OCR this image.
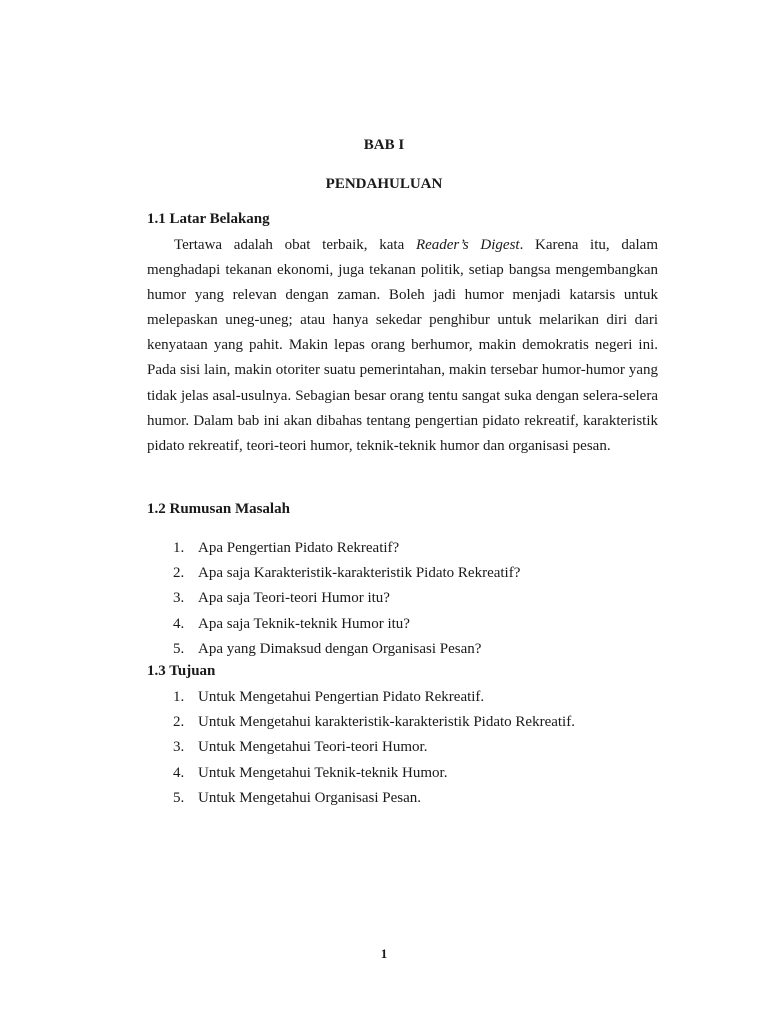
BAB I
PENDAHULUAN
1.1 Latar Belakang

Tertawa adalah obat terbaik, kata Reader’s Digest. Karena itu, dalam menghadapi tekanan ekonomi, juga tekanan politik, setiap bangsa mengembangkan humor yang relevan dengan zaman. Boleh jadi humor menjadi katarsis untuk melepaskan uneg-uneg; atau hanya sekedar penghibur untuk melarikan diri dari kenyataan yang pahit. Makin lepas orang berhumor, makin demokratis negeri ini. Pada sisi lain, makin otoriter suatu pemerintahan, makin tersebar humor-humor yang tidak jelas asal-usulnya. Sebagian besar orang tentu sangat suka dengan selera-selera humor. Dalam bab ini akan dibahas tentang pengertian pidato rekreatif, karakteristik pidato rekreatif, teori-teori humor, teknik-teknik humor dan organisasi pesan.

1.2 Rumusan Masalah
1. Apa Pengertian Pidato Rekreatif?
2. Apa saja Karakteristik-karakteristik Pidato Rekreatif?
3. Apa saja Teori-teori Humor itu?
4. Apa saja Teknik-teknik Humor itu?
5. Apa yang Dimaksud dengan Organisasi Pesan?
1.3 Tujuan
1. Untuk Mengetahui Pengertian Pidato Rekreatif.
2. Untuk Mengetahui karakteristik-karakteristik Pidato Rekreatif.
3. Untuk Mengetahui Teori-teori Humor.
4. Untuk Mengetahui Teknik-teknik Humor.
5. Untuk Mengetahui Organisasi Pesan.
1
